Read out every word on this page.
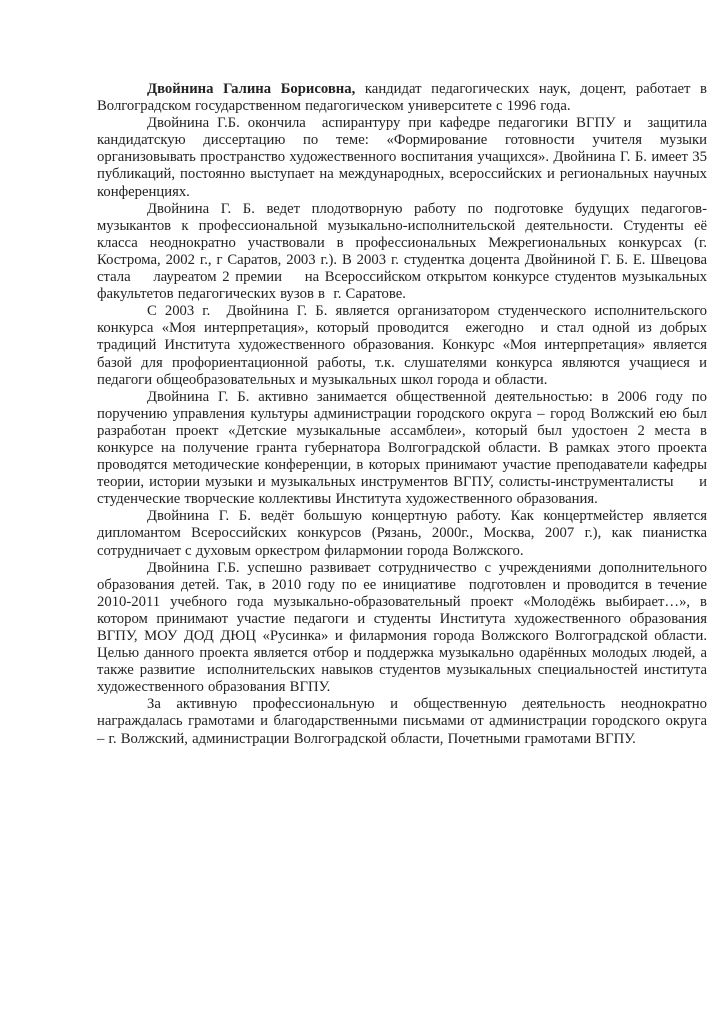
Двойнина Галина Борисовна, кандидат педагогических наук, доцент, работает в Волгоградском государственном педагогическом университете с 1996 года.

Двойнина Г.Б. окончила  аспирантуру при кафедре педагогики ВГПУ и  защитила кандидатскую диссертацию по теме: «Формирование готовности учителя музыки организовывать пространство художественного воспитания учащихся». Двойнина Г. Б. имеет 35 публикаций, постоянно выступает на международных, всероссийских и региональных научных конференциях.

Двойнина Г. Б. ведет плодотворную работу по подготовке будущих педагогов-музыкантов к профессиональной музыкально-исполнительской деятельности. Студенты её класса неоднократно участвовали в профессиональных Межрегиональных конкурсах (г. Кострома, 2002 г., г Саратов, 2003 г.). В 2003 г. студентка доцента Двойниной Г. Б. Е. Швецова стала    лауреатом 2 премии    на Всероссийском открытом конкурсе студентов музыкальных факультетов педагогических вузов в  г. Саратове.

С 2003 г.  Двойнина Г. Б. является организатором студенческого исполнительского конкурса «Моя интерпретация», который проводится  ежегодно  и стал одной из добрых традиций Института художественного образования. Конкурс «Моя интерпретация» является базой для профориентационной работы, т.к. слушателями конкурса являются учащиеся и педагоги общеобразовательных и музыкальных школ города и области.

Двойнина Г. Б. активно занимается общественной деятельностью: в 2006 году по поручению управления культуры администрации городского округа – город Волжский ею был разработан проект «Детские музыкальные ассамблеи», который был удостоен 2 места в конкурсе на получение гранта губернатора Волгоградской области. В рамках этого проекта проводятся методические конференции, в которых принимают участие преподаватели кафедры теории, истории музыки и музыкальных инструментов ВГПУ, солисты-инструменталисты     и студенческие творческие коллективы Института художественного образования.

Двойнина Г. Б. ведёт большую концертную работу. Как концертмейстер является дипломантом Всероссийских конкурсов (Рязань, 2000г., Москва, 2007 г.), как пианистка сотрудничает с духовым оркестром филармонии города Волжского.

Двойнина Г.Б. успешно развивает сотрудничество с учреждениями дополнительного образования детей. Так, в 2010 году по ее инициативе  подготовлен и проводится в течение 2010-2011 учебного года музыкально-образовательный проект «Молодёжь выбирает…», в котором принимают участие педагоги и студенты Института художественного образования ВГПУ, МОУ ДОД ДЮЦ «Русинка» и филармония города Волжского Волгоградской области. Целью данного проекта является отбор и поддержка музыкально одарённых молодых людей, а также развитие  исполнительских навыков студентов музыкальных специальностей института художественного образования ВГПУ.

За активную профессиональную и общественную деятельность неоднократно награждалась грамотами и благодарственными письмами от администрации городского округа – г. Волжский, администрации Волгоградской области, Почетными грамотами ВГПУ.
